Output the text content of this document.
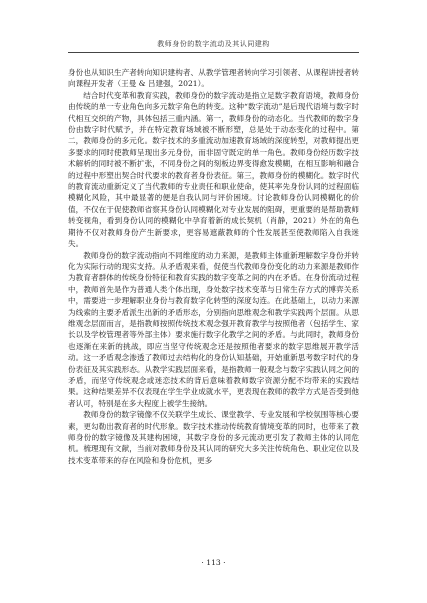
教师身份的数字流动及其认同建构

身份也从知识生产者转向知识建构者、从教学管理者转向学习引领者、从课程讲授者转向课程开发者（王曼 & 吕建强，2021）。

结合时代变革和教育实践，教师身份的数字流动是指立足数字教育语境，教师身份由传统的单一专业角色向多元数字角色的转变。这种“数字流动”是后现代语境与数字时代相互交织的产物，具体包括三重内涵。第一，教师身份的动态化。当代教师的数字身份由数字时代赋予，并在特定教育场域被不断形塑，总是处于动态变化的过程中。第二，教师身份的多元化。数字技术的多重流动加速教育场域的深度转型，对教师提出更多要求的同时使教师呈现出多元身份，而非固守既定的单一角色。教师身份经历数字技术解析的同时被不断扩张，不同身份之间的刻板边界变得愈发模糊，在相互影响和融合的过程中形塑出契合时代要求的教育者身份表征。第三，教师身份的模糊化。数字时代的教育流动重新定义了当代教师的专业责任和职业使命，使其率先身份认同的过程面临模糊化风险，其中最显著的便是自我认同与评价困境。讨论教师身份认同模糊化的价值，不仅在于促使教师省察其身份认同模糊化对专业发展的阻碍，更重要的是帮助教师转变视角，看到身份认同的模糊化中孕育着新的成长契机（肖静，2021）外在的角色期待不仅对教师身份产生新要求，更容易遮蔽教师的个性发展甚至使教师陷入自我迷失。

教师身份的数字流动指向不同维度的动力来源，是教师主体重新理解数字身份并转化为实际行动的现实支持。从矛盾观来看，促使当代教师身份变化的动力来源是教师作为教育者群体的传统身份特征和教育实践的数字变革之间的内在矛盾。在身份流动过程中，教师首先是作为普通人类个体出现，身处数字技术变革与日常生存方式的博弈关系中，需要进一步理解职业身份与教育数字化转型的深度勾连。在此基础上，以动力来源为线索的主要矛盾派生出新的矛盾形态，分别指向思维观念和教学实践两个层面。从思维观念层面而言，是指教师按照传统技术观念强开教育教学与按照他者（包括学生、家长以及学校管理者等外部主体）要求施行数字化教学之间的矛盾。与此同时，教师身份也逐渐在来新的挑战，即应当坚守传统观念还是按照他者要求的数字思维展开教学活动。这一矛盾观念渗透了教师过去结构化的身份认知基础，开始重新思考数字时代的身份表征及其实践形态。从教学实践层面来看，是指教师一般观念与数字实践认同之间的矛盾，而坚守传统观念或迷恋技术的背后意味着教师数字资源分配不均带来的实践结果。这种结果差异不仅表现在学生学业成就水平，更表现在教师的教学方式是否受到他者认可，特别是在多大程度上被学生接纳。

教师身份的数字镜像不仅关联学生成长、课堂教学、专业发展和学校氛围等核心要素，更勾勒出教育者的时代形象。数字技术推动传统教育情境变革的同时，也带来了教师身份的数字镜像及其建构困境，其数字身份的多元流动更引发了教师主体的认同危机。梳理现有文献，当前对教师身份及其认同的研究大多关注传统角色、职业定位以及技术变革带来的存在风险和身份危机，更多

· 113 ·
